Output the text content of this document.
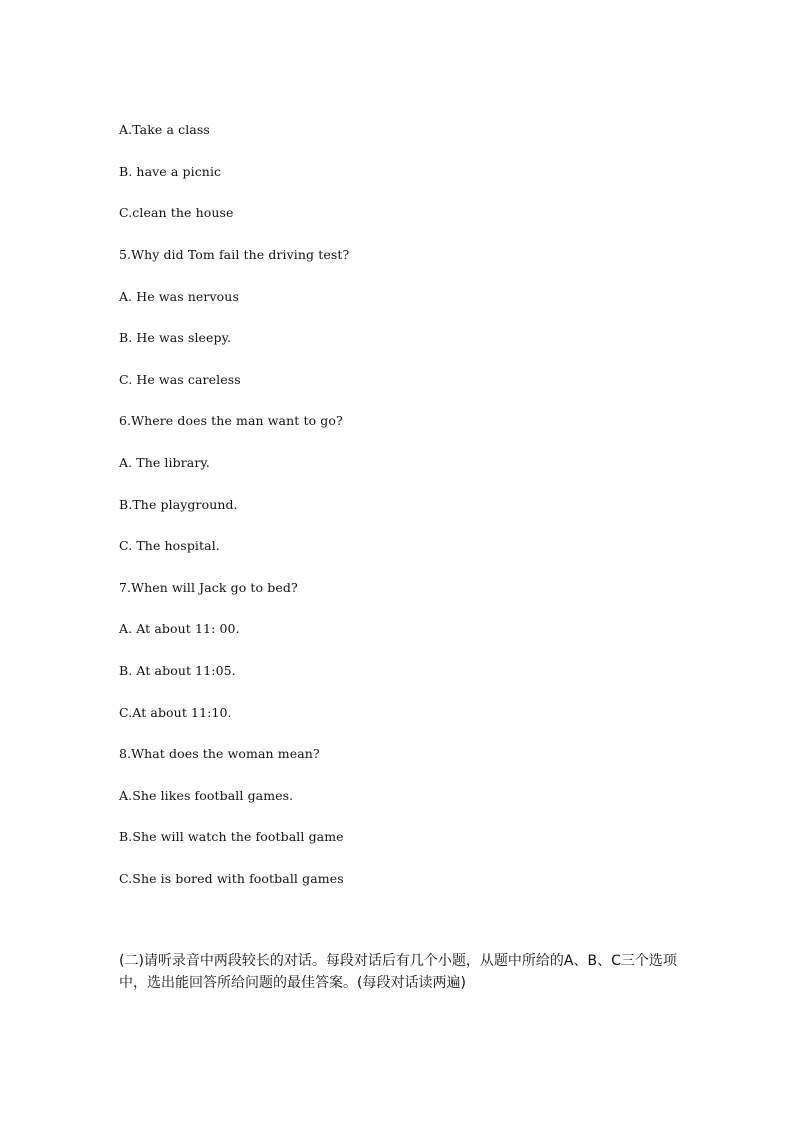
A.Take a class
B. have a picnic
C.clean the house
5.Why did Tom fail the driving test?
A. He was nervous
B. He was sleepy.
C. He was careless
6.Where does the man want to go?
A. The library.
B.The playground.
C. The hospital.
7.When will Jack go to bed?
A. At about 11: 00.
B. At about 11:05.
C.At about 11:10.
8.What does the woman mean?
A.She likes football games.
B.She will watch the football game
C.She is bored with football games
(二)请听录音中两段较长的对话。每段对话后有几个小题，从题中所给的A、B、C三个选项中，选出能回答所给问题的最佳答案。(每段对话读两遍)
